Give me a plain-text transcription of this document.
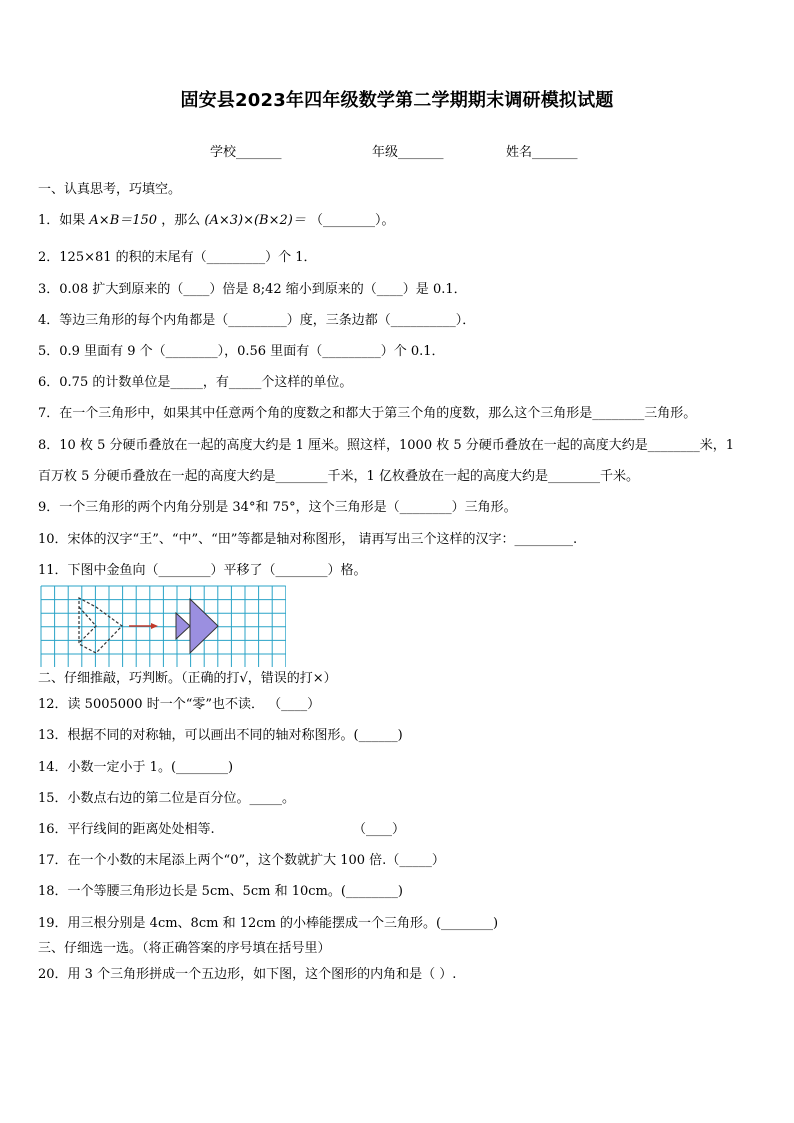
固安县2023年四年级数学第二学期期末调研模拟试题
学校_______	年级_______	姓名_______
一、认真思考，巧填空。
1．如果 A×B＝150 ，那么 (A×3)×(B×2)＝ （________）。
2．125×81 的积的末尾有（_________）个 1．
3．0.08 扩大到原来的（____）倍是 8;42 缩小到原来的（____）是 0.1．
4．等边三角形的每个内角都是（_________）度，三条边都（__________）．
5．0.9 里面有 9 个（________），0.56 里面有（_________）个 0.1．
6．0.75 的计数单位是_____，有_____个这样的单位。
7．在一个三角形中，如果其中任意两个角的度数之和都大于第三个角的度数，那么这个三角形是________三角形。
8．10 枚 5 分硬币叠放在一起的高度大约是 1 厘米。照这样，1000 枚 5 分硬币叠放在一起的高度大约是________米，1
百万枚 5 分硬币叠放在一起的高度大约是________千米，1 亿枚叠放在一起的高度大约是________千米。
9．一个三角形的两个内角分别是 34°和 75°，这个三角形是（________）三角形。
10．宋体的汉字“王”、“中”、“田”等都是轴对称图形， 请再写出三个这样的汉字：_________.
11．下图中金鱼向（________）平移了（________）格。
二、仔细推敲，巧判断。（正确的打√，错误的打×）
12．读 5005000 时一个“零”也不读． （____）
13．根据不同的对称轴，可以画出不同的轴对称图形。(______)
14．小数一定小于 1。(________)
15．小数点右边的第二位是百分位。_____。
16．平行线间的距离处处相等.	（____）
17．在一个小数的末尾添上两个“0”，这个数就扩大 100 倍.（_____）
18．一个等腰三角形边长是 5cm、5cm 和 10cm。(________)
19．用三根分别是 4cm、8cm 和 12cm 的小棒能摆成一个三角形。(________)
三、仔细选一选。（将正确答案的序号填在括号里）
20．用 3 个三角形拼成一个五边形，如下图，这个图形的内角和是（ ）.
